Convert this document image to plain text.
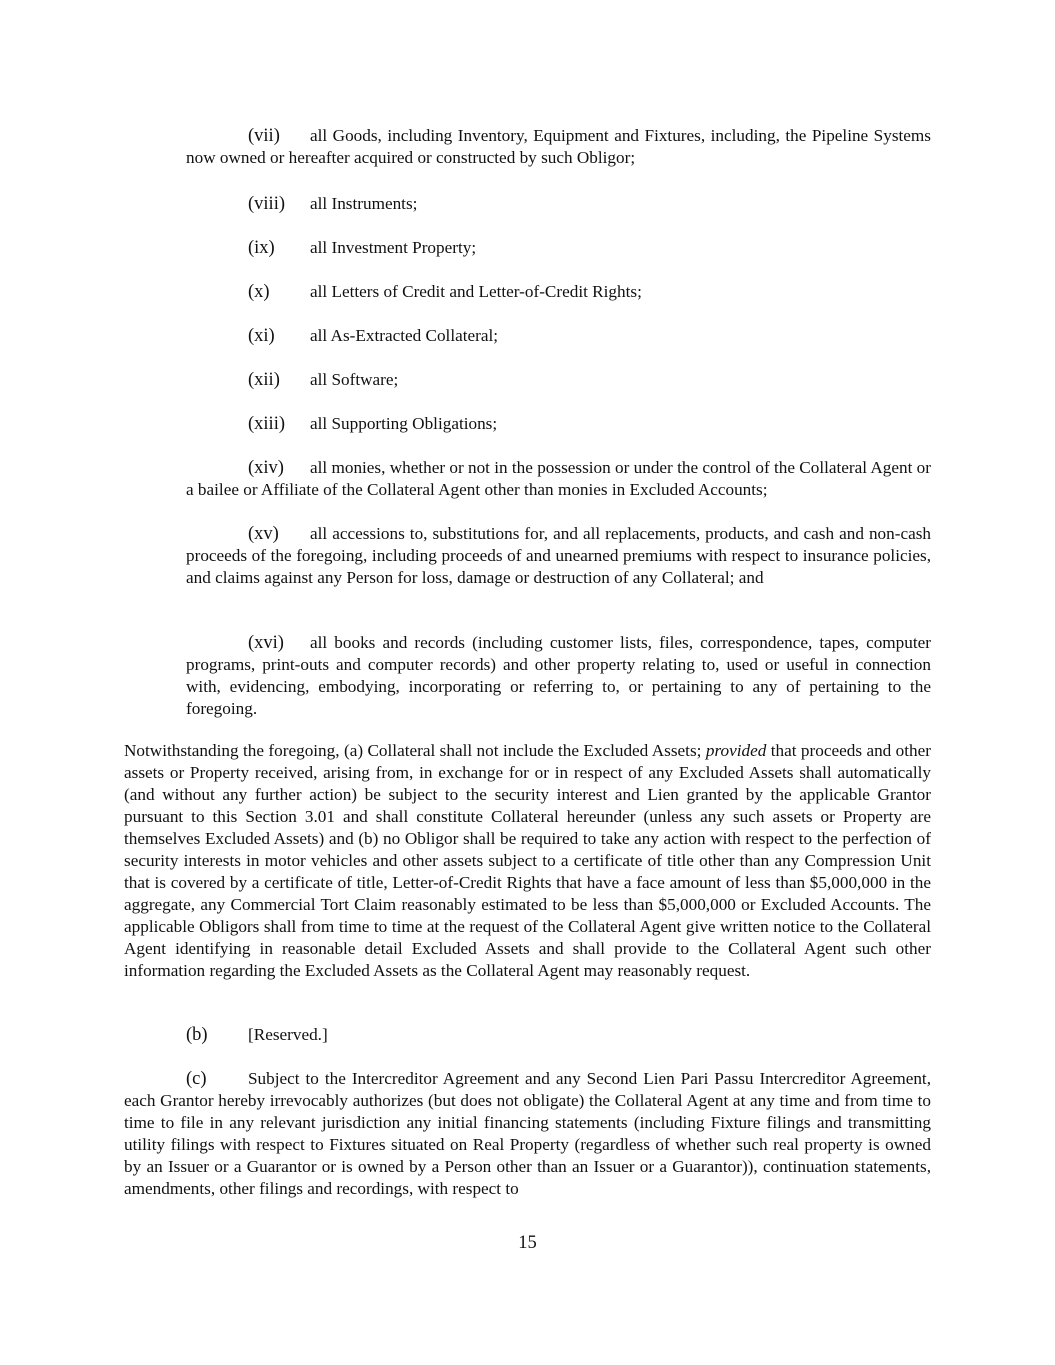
(vii) all Goods, including Inventory, Equipment and Fixtures, including, the Pipeline Systems now owned or hereafter acquired or constructed by such Obligor;

(viii) all Instruments;

(ix) all Investment Property;

(x) all Letters of Credit and Letter-of-Credit Rights;

(xi) all As-Extracted Collateral;

(xii) all Software;

(xiii) all Supporting Obligations;

(xiv) all monies, whether or not in the possession or under the control of the Collateral Agent or a bailee or Affiliate of the Collateral Agent other than monies in Excluded Accounts;

(xv) all accessions to, substitutions for, and all replacements, products, and cash and non-cash proceeds of the foregoing, including proceeds of and unearned premiums with respect to insurance policies, and claims against any Person for loss, damage or destruction of any Collateral; and

(xvi) all books and records (including customer lists, files, correspondence, tapes, computer programs, print-outs and computer records) and other property relating to, used or useful in connection with, evidencing, embodying, incorporating or referring to, or pertaining to any of pertaining to the foregoing.

Notwithstanding the foregoing, (a) Collateral shall not include the Excluded Assets; provided that proceeds and other assets or Property received, arising from, in exchange for or in respect of any Excluded Assets shall automatically (and without any further action) be subject to the security interest and Lien granted by the applicable Grantor pursuant to this Section 3.01 and shall constitute Collateral hereunder (unless any such assets or Property are themselves Excluded Assets) and (b) no Obligor shall be required to take any action with respect to the perfection of security interests in motor vehicles and other assets subject to a certificate of title other than any Compression Unit that is covered by a certificate of title, Letter-of-Credit Rights that have a face amount of less than $5,000,000 in the aggregate, any Commercial Tort Claim reasonably estimated to be less than $5,000,000 or Excluded Accounts. The applicable Obligors shall from time to time at the request of the Collateral Agent give written notice to the Collateral Agent identifying in reasonable detail Excluded Assets and shall provide to the Collateral Agent such other information regarding the Excluded Assets as the Collateral Agent may reasonably request.

(b) [Reserved.]

(c) Subject to the Intercreditor Agreement and any Second Lien Pari Passu Intercreditor Agreement, each Grantor hereby irrevocably authorizes (but does not obligate) the Collateral Agent at any time and from time to time to file in any relevant jurisdiction any initial financing statements (including Fixture filings and transmitting utility filings with respect to Fixtures situated on Real Property (regardless of whether such real property is owned by an Issuer or a Guarantor or is owned by a Person other than an Issuer or a Guarantor)), continuation statements, amendments, other filings and recordings, with respect to

15
